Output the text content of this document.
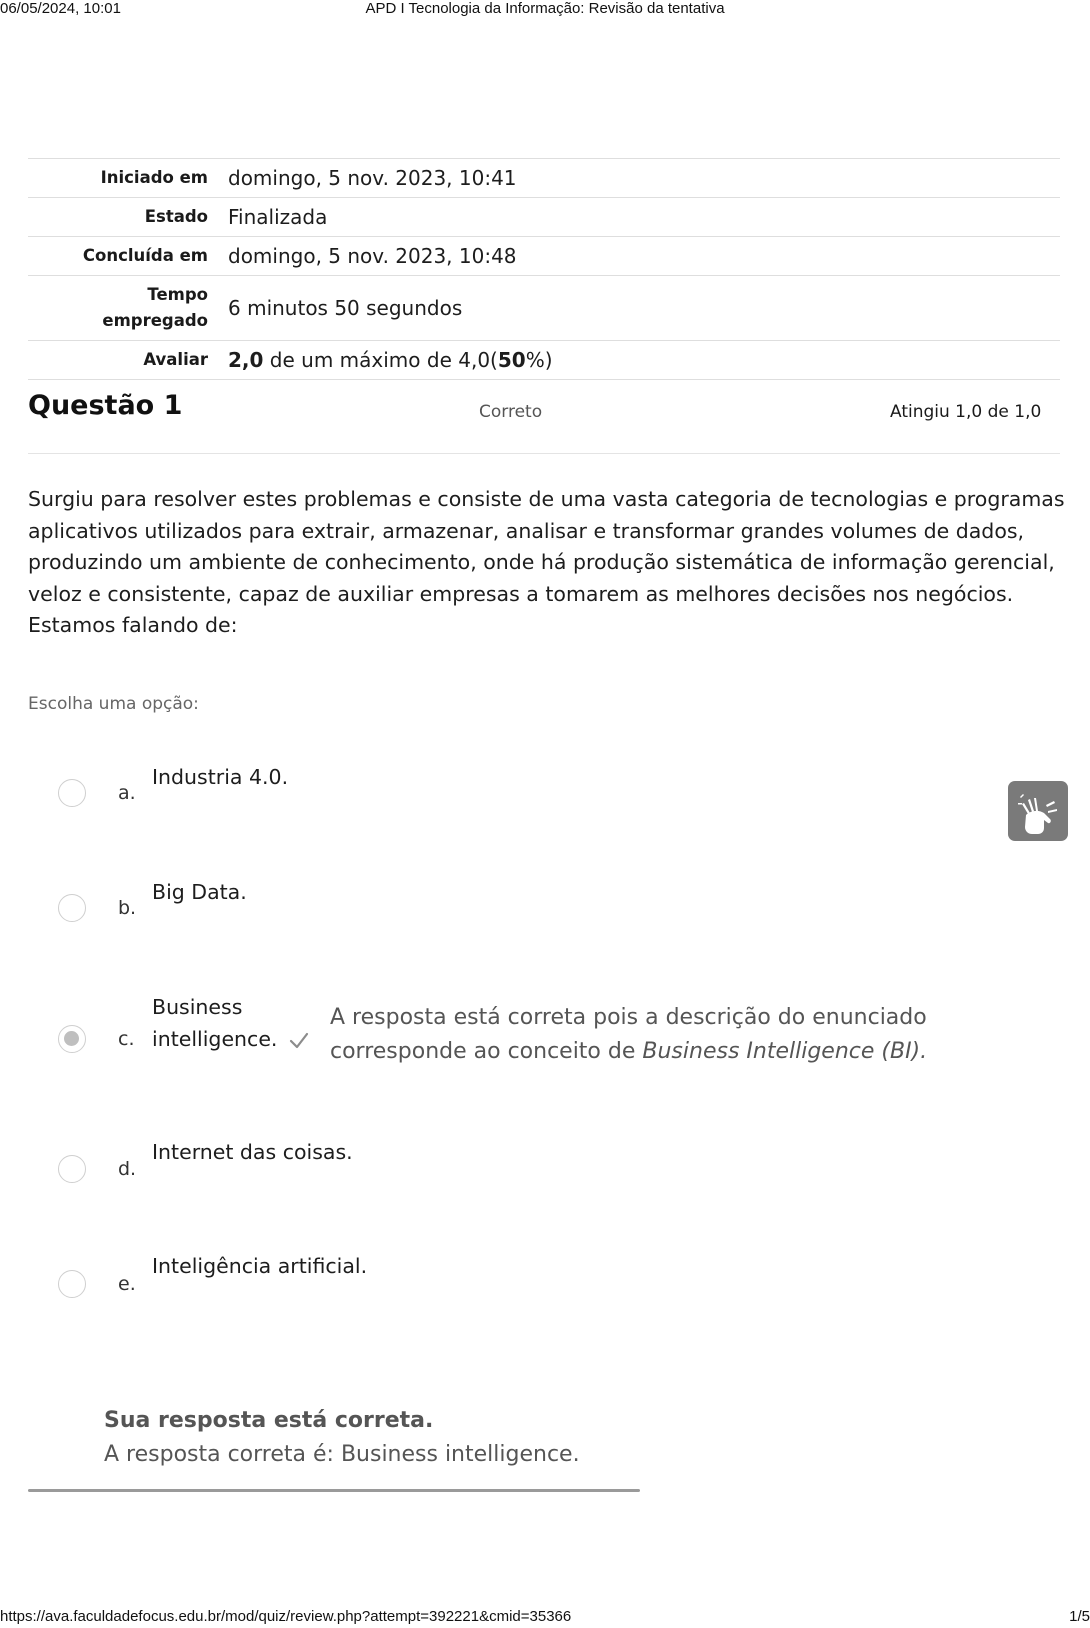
06/05/2024, 10:01	APD I Tecnologia da Informação: Revisão da tentativa
Iniciado em	domingo, 5 nov. 2023, 10:41
Estado	Finalizada
Concluída em	domingo, 5 nov. 2023, 10:48
Tempo
empregado	6 minutos 50 segundos
Avaliar	2,0 de um máximo de 4,0(50%)
Questão 1	Correto	Atingiu 1,0 de 1,0
Surgiu para resolver estes problemas e consiste de uma vasta categoria de tecnologias e programas aplicativos utilizados para extrair, armazenar, analisar e transformar grandes volumes de dados, produzindo um ambiente de conhecimento, onde há produção sistemática de informação gerencial, veloz e consistente, capaz de auxiliar empresas a tomarem as melhores decisões nos negócios. Estamos falando de:
Escolha uma opção:
a.
Industria 4.0.
b.
Big Data.
c.
Business
intelligence.
A resposta está correta pois a descrição do enunciado
corresponde ao conceito de Business Intelligence (BI).
d.
Internet das coisas.
e.
Inteligência artificial.
Sua resposta está correta.
A resposta correta é: Business intelligence.
https://ava.faculdadefocus.edu.br/mod/quiz/review.php?attempt=392221&cmid=35366	1/5
